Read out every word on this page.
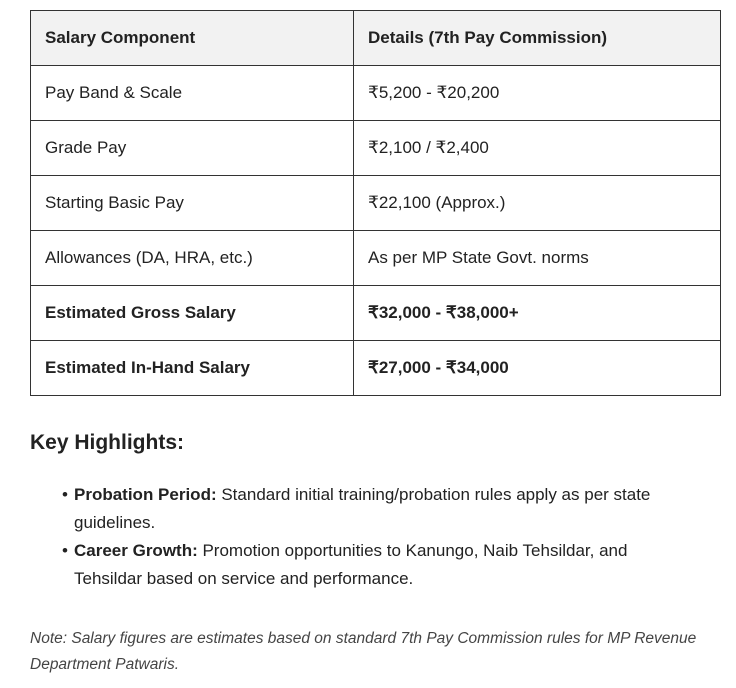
Salary Component	Details (7th Pay Commission)
Pay Band & Scale	₹5,200 - ₹20,200
Grade Pay	₹2,100 / ₹2,400
Starting Basic Pay	₹22,100 (Approx.)
Allowances (DA, HRA, etc.)	As per MP State Govt. norms
Estimated Gross Salary	₹32,000 - ₹38,000+
Estimated In-Hand Salary	₹27,000 - ₹34,000
Key Highlights:
• Probation Period: Standard initial training/probation rules apply as per state guidelines.
• Career Growth: Promotion opportunities to Kanungo, Naib Tehsildar, and Tehsildar based on service and performance.

Note: Salary figures are estimates based on standard 7th Pay Commission rules for MP Revenue Department Patwaris.
